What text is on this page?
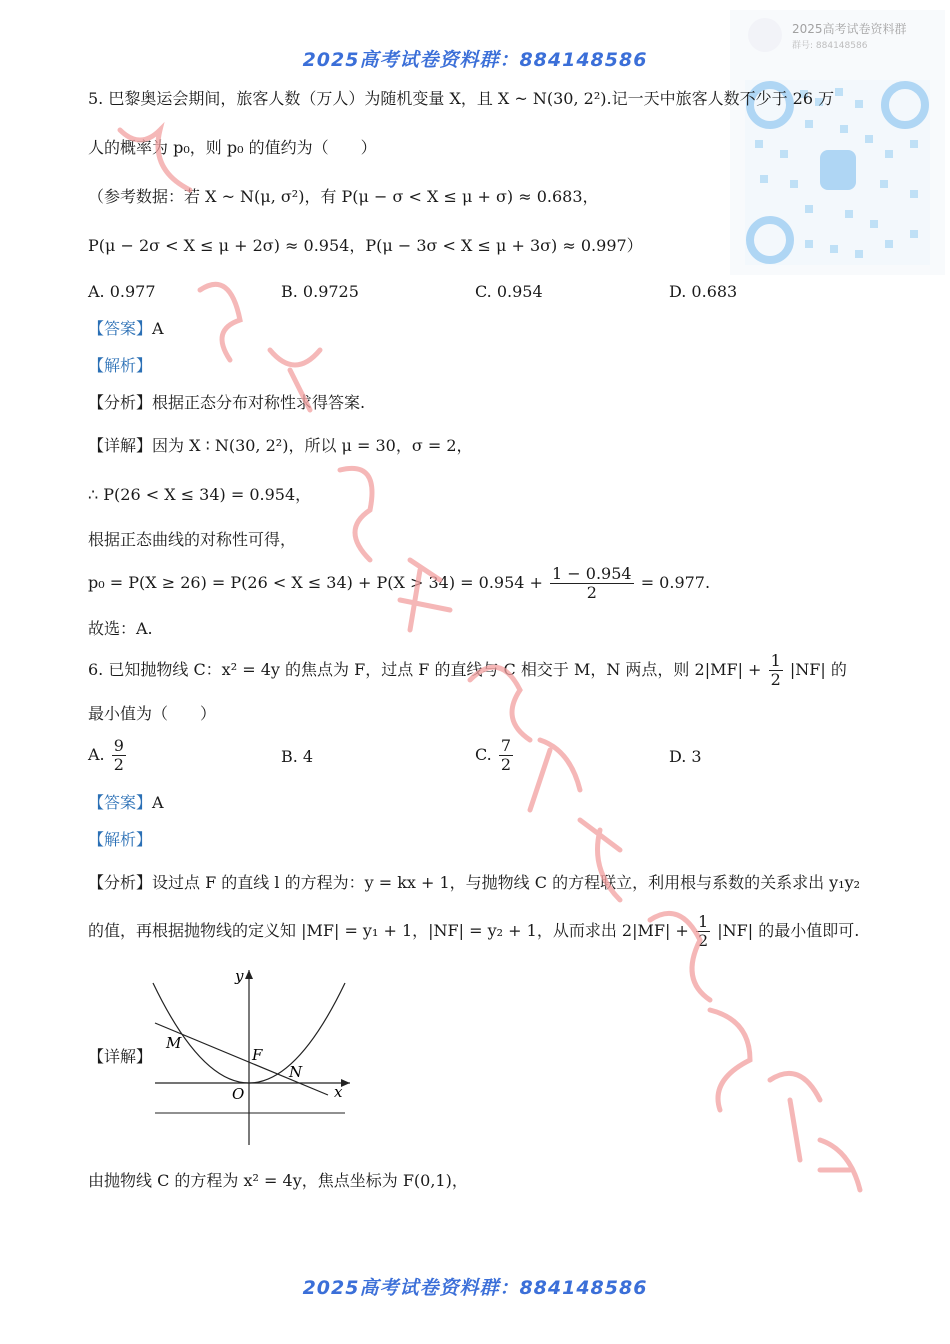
2025高考试卷资料群
群号: 884148586
2025高考试卷资料群：884148586
5. 巴黎奥运会期间，旅客人数（万人）为随机变量 X，且 X ~ N(30, 2²).记一天中旅客人数不少于 26 万
人的概率为 p₀，则 p₀ 的值约为（　　）
（参考数据：若 X ~ N(μ, σ²)，有 P(μ − σ < X ≤ μ + σ) ≈ 0.683，
P(μ − 2σ < X ≤ μ + 2σ) ≈ 0.954，P(μ − 3σ < X ≤ μ + 3σ) ≈ 0.997）
A. 0.977	B. 0.9725	C. 0.954	D. 0.683
【答案】A
【解析】
【分析】根据正态分布对称性求得答案.
【详解】因为 X ∶ N(30, 2²)，所以 μ = 30，σ = 2，
∴ P(26 < X ≤ 34) = 0.954，
根据正态曲线的对称性可得，
$p_0 = P(X \ge 26) = P(26 < X \le 34) + P(X > 34) = 0.954 + \frac{1 - 0.954}{2} = 0.977$.
故选：A.
6. 已知抛物线 C：x² = 4y 的焦点为 F，过点 F 的直线与 C 相交于 M，N 两点，则 $2|MF| + \frac{1}{2} |NF|$ 的
最小值为（　　）
A. $\frac{9}{2}$	B. 4	C. $\frac{7}{2}$	D. 3
【答案】A
【解析】
【分析】设过点 F 的直线 l 的方程为：y = kx + 1，与抛物线 C 的方程联立，利用根与系数的关系求出 y₁y₂
的值，再根据抛物线的定义知 |MF| = y₁ + 1，|NF| = y₂ + 1，从而求出 $2|MF| + \frac{1}{2} |NF|$ 的最小值即可.
【详解】
y
x
O
F
M
N
由抛物线 C 的方程为 x² = 4y，焦点坐标为 F(0,1)，
2025高考试卷资料群：884148586
